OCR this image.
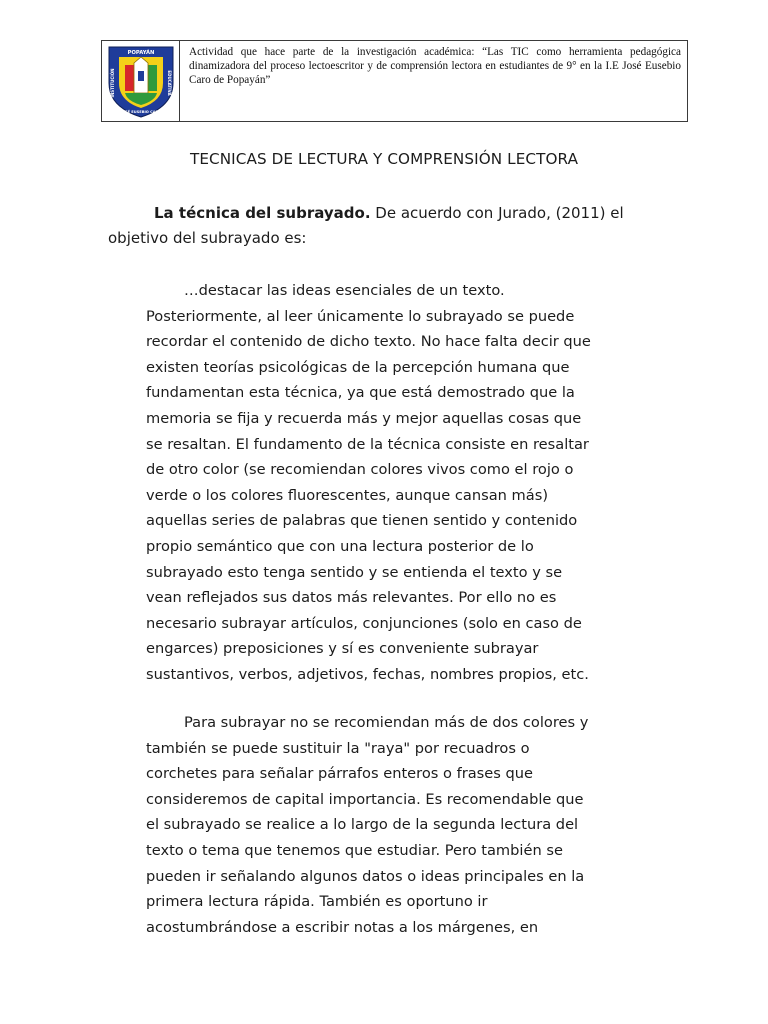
POPAYÁN
INSTITUCIÓN	EDUCATIVA
JOSÉ EUSEBIO CARO
Actividad que hace parte de la investigación académica: “Las TIC como herramienta pedagógica dinamizadora del proceso lectoescritor y de comprensión lectora en estudiantes de 9° en la I.E José Eusebio Caro de Popayán”
TECNICAS DE LECTURA Y COMPRENSIÓN LECTORA
La técnica del subrayado. De acuerdo con Jurado, (2011) el
objetivo del subrayado es:
…destacar las ideas esenciales de un texto.
Posteriormente, al leer únicamente lo subrayado se puede
recordar el contenido de dicho texto. No hace falta decir que
existen teorías psicológicas de la percepción humana que
fundamentan esta técnica, ya que está demostrado que la
memoria se fija y recuerda más y mejor aquellas cosas que
se resaltan. El fundamento de la técnica consiste en resaltar
de otro color (se recomiendan colores vivos como el rojo o
verde o los colores fluorescentes, aunque cansan más)
aquellas series de palabras que tienen sentido y contenido
propio semántico que con una lectura posterior de lo
subrayado esto tenga sentido y se entienda el texto y se
vean reflejados sus datos más relevantes. Por ello no es
necesario subrayar artículos, conjunciones (solo en caso de
engarces) preposiciones y sí es conveniente subrayar
sustantivos, verbos, adjetivos, fechas, nombres propios, etc.
Para subrayar no se recomiendan más de dos colores y
también se puede sustituir la "raya" por recuadros o
corchetes para señalar párrafos enteros o frases que
consideremos de capital importancia. Es recomendable que
el subrayado se realice a lo largo de la segunda lectura del
texto o tema que tenemos que estudiar. Pero también se
pueden ir señalando algunos datos o ideas principales en la
primera lectura rápida. También es oportuno ir
acostumbrándose a escribir notas a los márgenes, en
